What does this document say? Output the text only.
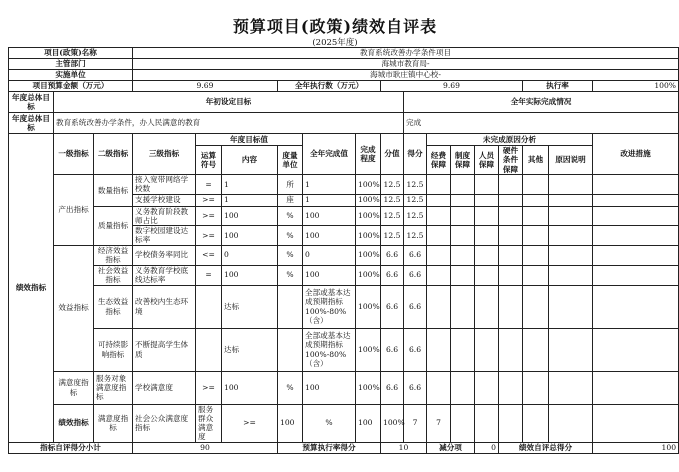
预算项目(政策)绩效自评表
(2025年度)
项目(政策)名称			教育系统改善办学条件项目															
主管部门			海城市教育局-															
实施单位			海城市耿庄镇中心校-															
项目预算金额（万元）			9.69			全年执行数（万元）			9.69						执行率		100%	
年度总体目标	年初设定目标									全年实际完成情况								
年度总体目标	教育系统改善办学条件，办人民满意的教育									完成								
绩效指标	一级指标	二级指标	三级指标	年度目标值			全年完成值	完成程度	分值	得分	未完成原因分析						改进措施	
				运算符号	内容	度量单位					经费保障	制度保障	人员保障	硬件条件保障	其他	原因说明		
	产出指标	数量指标	接入宽带网络学校数	=	1	所	1	100%	12.5	12.5								
			支援学校建设	>=	1	座	1	100%	12.5	12.5								
		质量指标	义务教育阶段教师占比	>=	100	%	100	100%	12.5	12.5								
			数字校园建设达标率	>=	100	%	100	100%	12.5	12.5								
	效益指标	经济效益指标	学校债务率同比	<=	0	%	0	100%	6.6	6.6								
		社会效益指标	义务教育学校底线达标率	=	100	%	100	100%	6.6	6.6								
		生态效益指标	改善校内生态环境		达标		全部或基本达成预期指标100%-80%（含）	100%	6.6	6.6								
		可持续影响指标	不断提高学生体质		达标		全部或基本达成预期指标100%-80%（含）	100%	6.6	6.6								
	满意度指标	服务对象满意度指标	学校满意度	>=	100	%	100	100%	6.6	6.6								
	绩效指标	满意度指标	社会公众满意度指标	服务群众满意度	>=	100	%	100	100%	7	7							
指标自评得分小计			90			预算执行率得分			10		减分项		0	绩效自评总得分			100	
